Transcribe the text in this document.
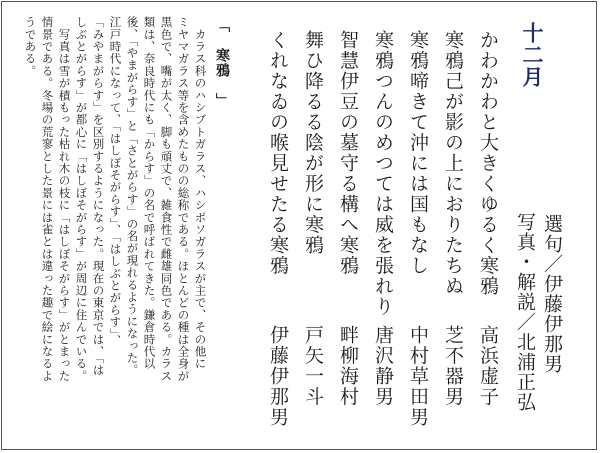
十二月
選句／伊藤伊那男
写真・解説／北浦正弘
かわかわと大きくゆるく寒鴉
高浜虚子
寒鴉己が影の上におりたちぬ
芝不器男
寒鴉啼きて沖には国もなし
中村草田男
寒鴉つんのめつては威を張れり
唐沢静男
智慧伊豆の墓守る構へ寒鴉
畔柳海村
舞ひ降るる陰が形に寒鴉
戸矢一斗
くれなゐの喉見せたる寒鴉
伊藤伊那男
「　寒鴉　」
　カラス科のハシブトガラス、ハシボソガラスが主で、その他に
ミヤマガラス等を含めたものの総称である。ほとんどの種は全身が
黒色で、嘴が太く、脚も頑丈で、雑食性で雌雄同色である。カラス
類は、奈良時代にも「からす」の名で呼ばれてきた。鎌倉時代以
後、「やまがらす」と「さとがらす」の名が現れるようになった。
江戸時代になって、「はしぼそがらす」、「はしぶとがらす」、
「みやまがらす」を区別するようになった。現在の東京では、「は
しぶとがらす」が都心に「はしぼそがらす」が周辺に住んでいる。
　写真は雪が積もった枯れ木の枝に「はしぼそがらす」がとまった
情景である。冬場の荒寥とした景には雀とは違った趣で絵になるよ
うである。
